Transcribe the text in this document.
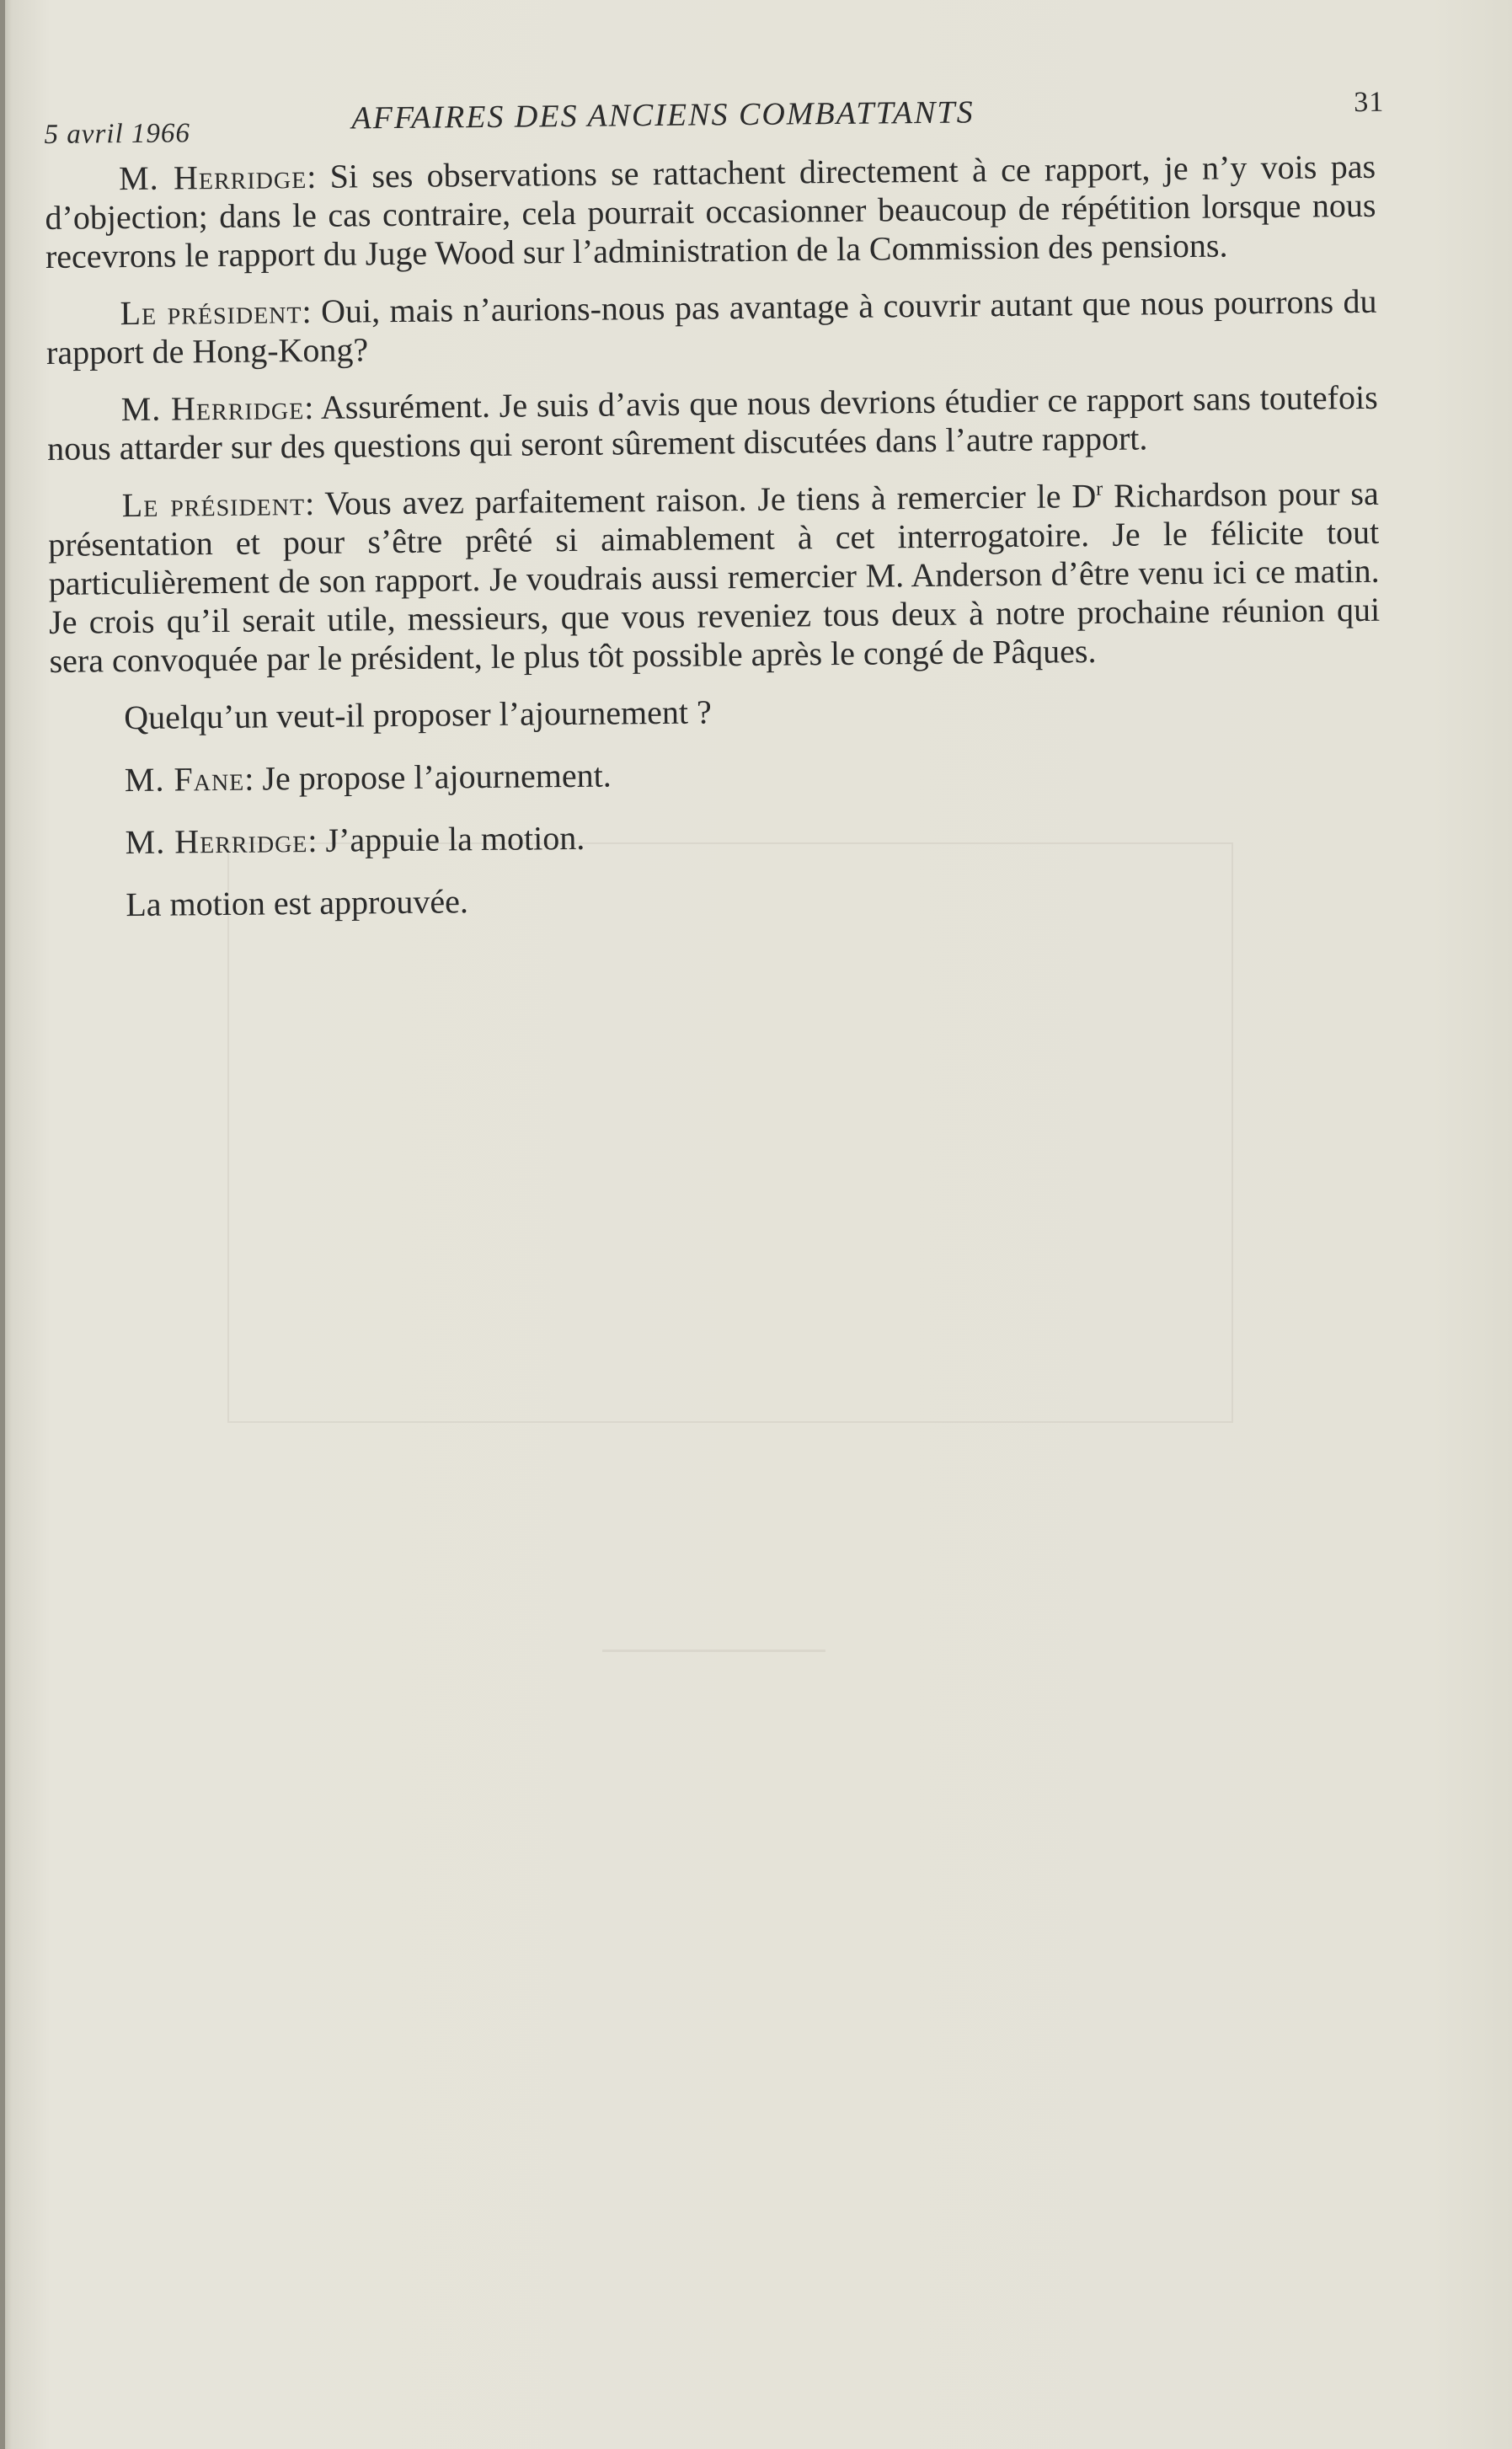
5 avril 1966	AFFAIRES DES ANCIENS COMBATTANTS	31

M. Herridge: Si ses observations se rattachent directement à ce rapport, je n’y vois pas d’objection; dans le cas contraire, cela pourrait occasionner beaucoup de répétition lorsque nous recevrons le rapport du Juge Wood sur l’administration de la Commission des pensions.

Le président: Oui, mais n’aurions-nous pas avantage à couvrir autant que nous pourrons du rapport de Hong-Kong?

M. Herridge: Assurément. Je suis d’avis que nous devrions étudier ce rapport sans toutefois nous attarder sur des questions qui seront sûrement discutées dans l’autre rapport.

Le président: Vous avez parfaitement raison. Je tiens à remercier le $D^r$ Richardson pour sa présentation et pour s’être prêté si aimablement à cet interrogatoire. Je le félicite tout particulièrement de son rapport. Je voudrais aussi remercier M. Anderson d’être venu ici ce matin. Je crois qu’il serait utile, messieurs, que vous reveniez tous deux à notre prochaine réunion qui sera convoquée par le président, le plus tôt possible après le congé de Pâques.

Quelqu’un veut-il proposer l’ajournement ?

M. Fane: Je propose l’ajournement.

M. Herridge: J’appuie la motion.

La motion est approuvée.
